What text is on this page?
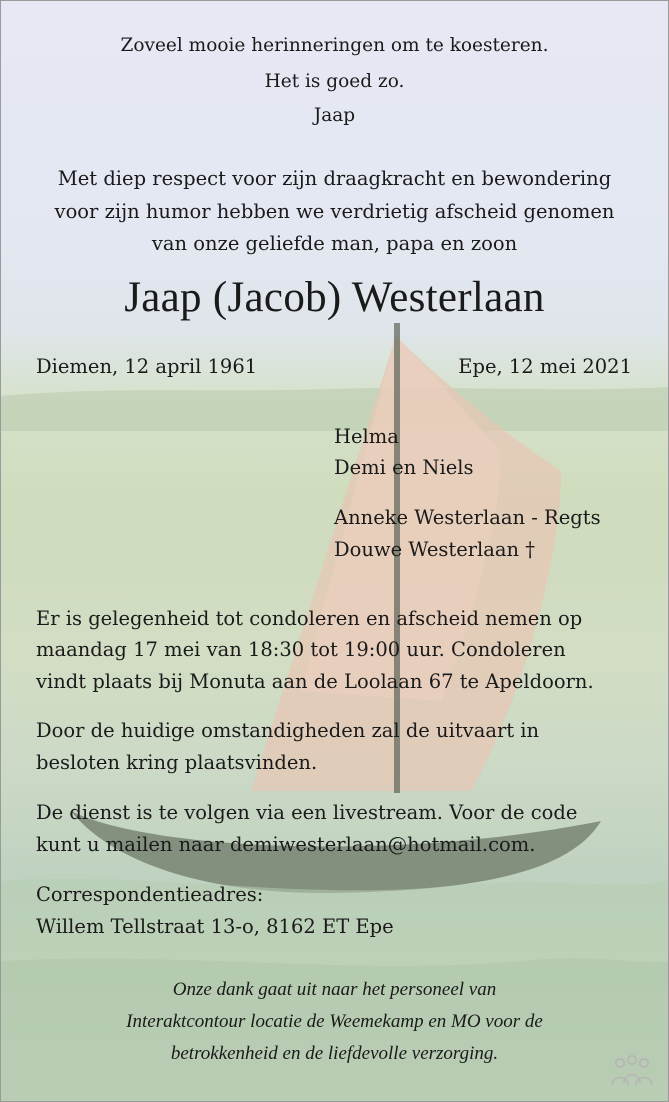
Zoveel mooie herinneringen om te koesteren.
Het is goed zo.
Jaap
Met diep respect voor zijn draagkracht en bewondering
voor zijn humor hebben we verdrietig afscheid genomen
van onze geliefde man, papa en zoon
Jaap (Jacob) Westerlaan
Diemen, 12 april 1961	Epe, 12 mei 2021
Helma
Demi en Niels
Anneke Westerlaan - Regts
Douwe Westerlaan †
Er is gelegenheid tot condoleren en afscheid nemen op
maandag 17 mei van 18:30 tot 19:00 uur. Condoleren
vindt plaats bij Monuta aan de Loolaan 67 te Apeldoorn.
Door de huidige omstandigheden zal de uitvaart in
besloten kring plaatsvinden.
De dienst is te volgen via een livestream. Voor de code
kunt u mailen naar demiwesterlaan@hotmail.com.
Correspondentieadres:
Willem Tellstraat 13-o, 8162 ET Epe
Onze dank gaat uit naar het personeel van
Interaktcontour locatie de Weemekamp en MO voor de
betrokkenheid en de liefdevolle verzorging.
